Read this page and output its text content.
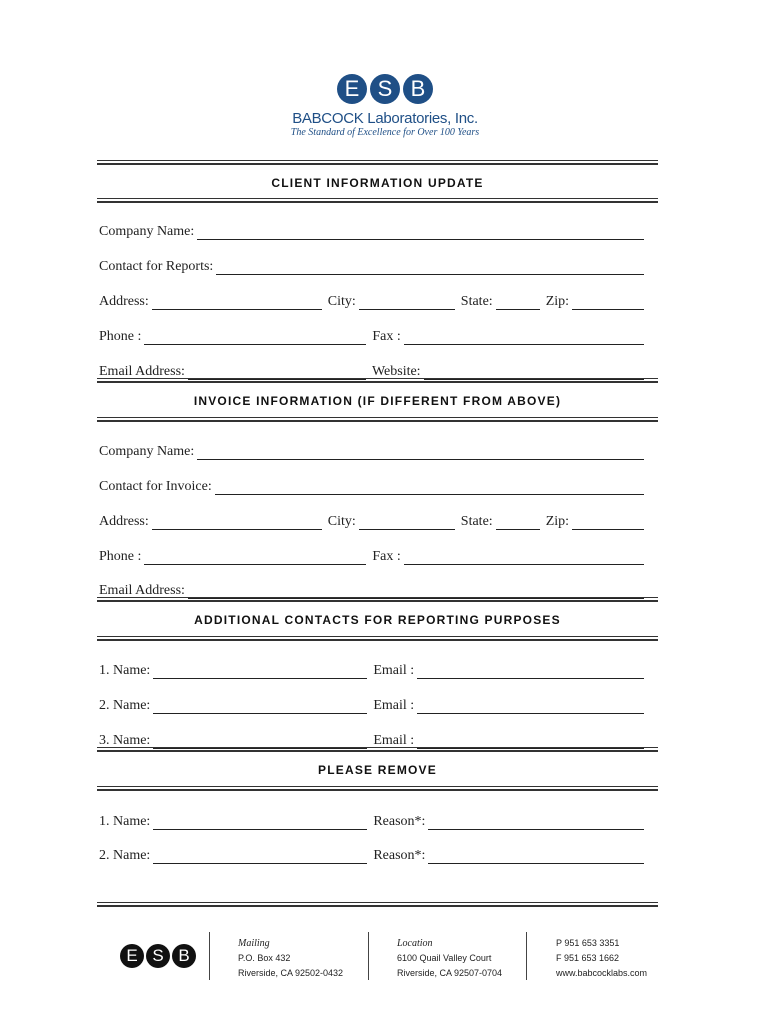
E S B
BABCOCK Laboratories, Inc.
The Standard of Excellence for Over 100 Years
CLIENT INFORMATION UPDATE
Company Name:
Contact for Reports:
Address:	City:	State:	Zip:
Phone :	Fax :
Email Address:	Website:
INVOICE INFORMATION (IF DIFFERENT FROM ABOVE)
Company Name:
Contact for Invoice:
Address:	City:	State:	Zip:
Phone :	Fax :
Email Address:
ADDITIONAL CONTACTS FOR REPORTING PURPOSES
1. Name:	Email :
2. Name:	Email :
3. Name:	Email :
PLEASE REMOVE
1. Name:	Reason*:
2. Name:	Reason*:
E S B
Mailing
P.O. Box 432
Riverside, CA 92502-0432
Location
6100 Quail Valley Court
Riverside, CA 92507-0704
P 951 653 3351
F 951 653 1662
www.babcocklabs.com
